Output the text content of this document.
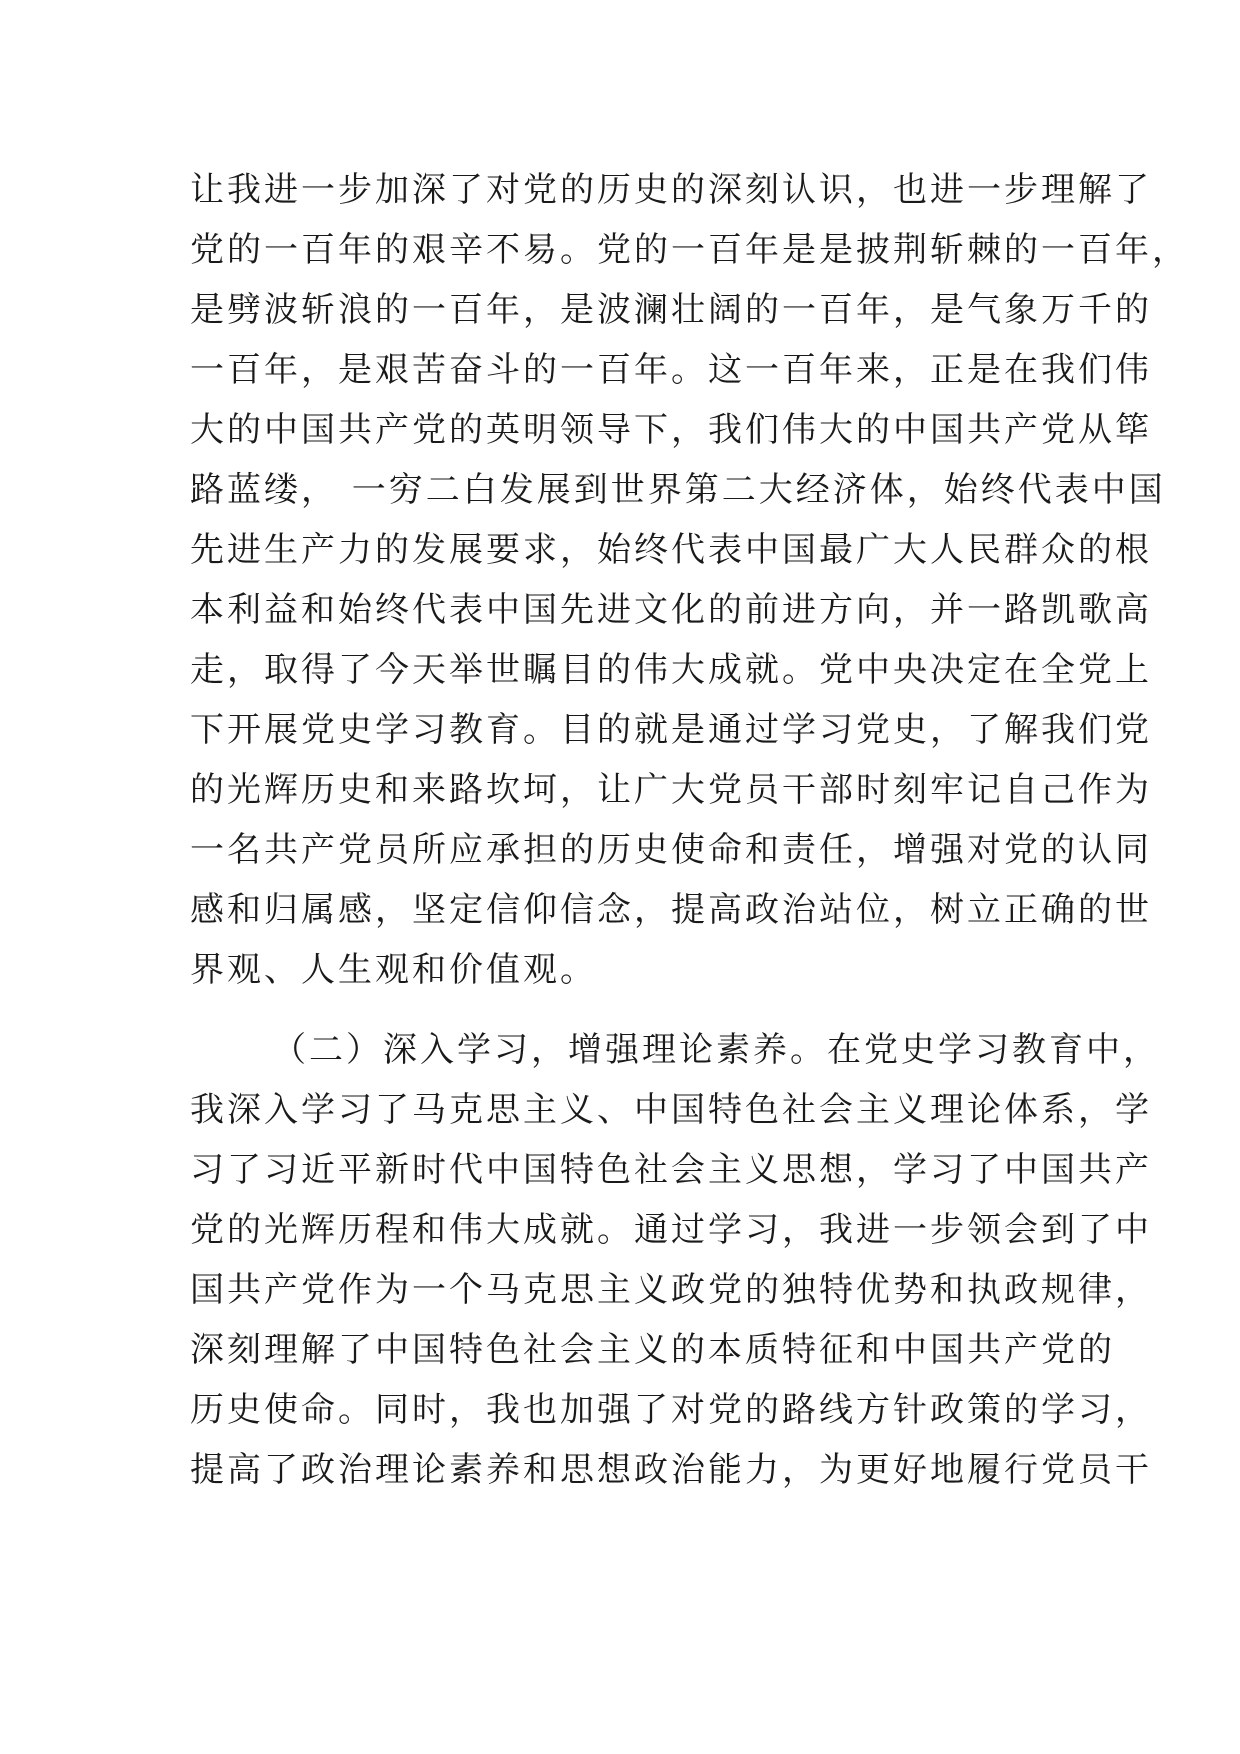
让我进一步加深了对党的历史的深刻认识，也进一步理解了
党的一百年的艰辛不易。党的一百年是是披荆斩棘的一百年，
是劈波斩浪的一百年，是波澜壮阔的一百年，是气象万千的
一百年，是艰苦奋斗的一百年。这一百年来，正是在我们伟
大的中国共产党的英明领导下，我们伟大的中国共产党从筚
路蓝缕， 一穷二白发展到世界第二大经济体，始终代表中国
先进生产力的发展要求，始终代表中国最广大人民群众的根
本利益和始终代表中国先进文化的前进方向，并一路凯歌高
走，取得了今天举世瞩目的伟大成就。党中央决定在全党上
下开展党史学习教育。目的就是通过学习党史，了解我们党
的光辉历史和来路坎坷，让广大党员干部时刻牢记自己作为
一名共产党员所应承担的历史使命和责任，增强对党的认同
感和归属感，坚定信仰信念，提高政治站位，树立正确的世
界观、人生观和价值观。
（二）深入学习，增强理论素养。在党史学习教育中，
我深入学习了马克思主义、中国特色社会主义理论体系，学
习了习近平新时代中国特色社会主义思想，学习了中国共产
党的光辉历程和伟大成就。通过学习，我进一步领会到了中
国共产党作为一个马克思主义政党的独特优势和执政规律，
深刻理解了中国特色社会主义的本质特征和中国共产党的
历史使命。同时，我也加强了对党的路线方针政策的学习，
提高了政治理论素养和思想政治能力，为更好地履行党员干
